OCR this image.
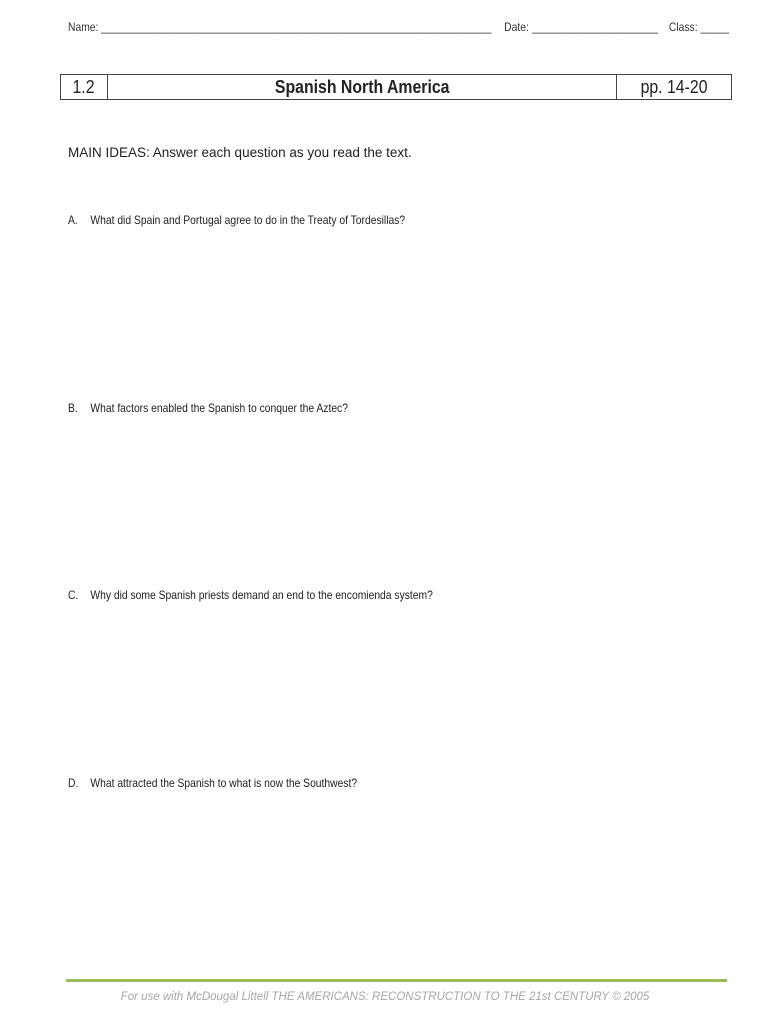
Name: ____________________________________________________________________ Date: ______________________ Class: _____
1.2	Spanish North America	pp. 14-20
MAIN IDEAS: Answer each question as you read the text.
A. What did Spain and Portugal agree to do in the Treaty of Tordesillas?
B. What factors enabled the Spanish to conquer the Aztec?
C. Why did some Spanish priests demand an end to the encomienda system?
D. What attracted the Spanish to what is now the Southwest?
For use with McDougal Littell THE AMERICANS: RECONSTRUCTION TO THE 21st CENTURY © 2005
